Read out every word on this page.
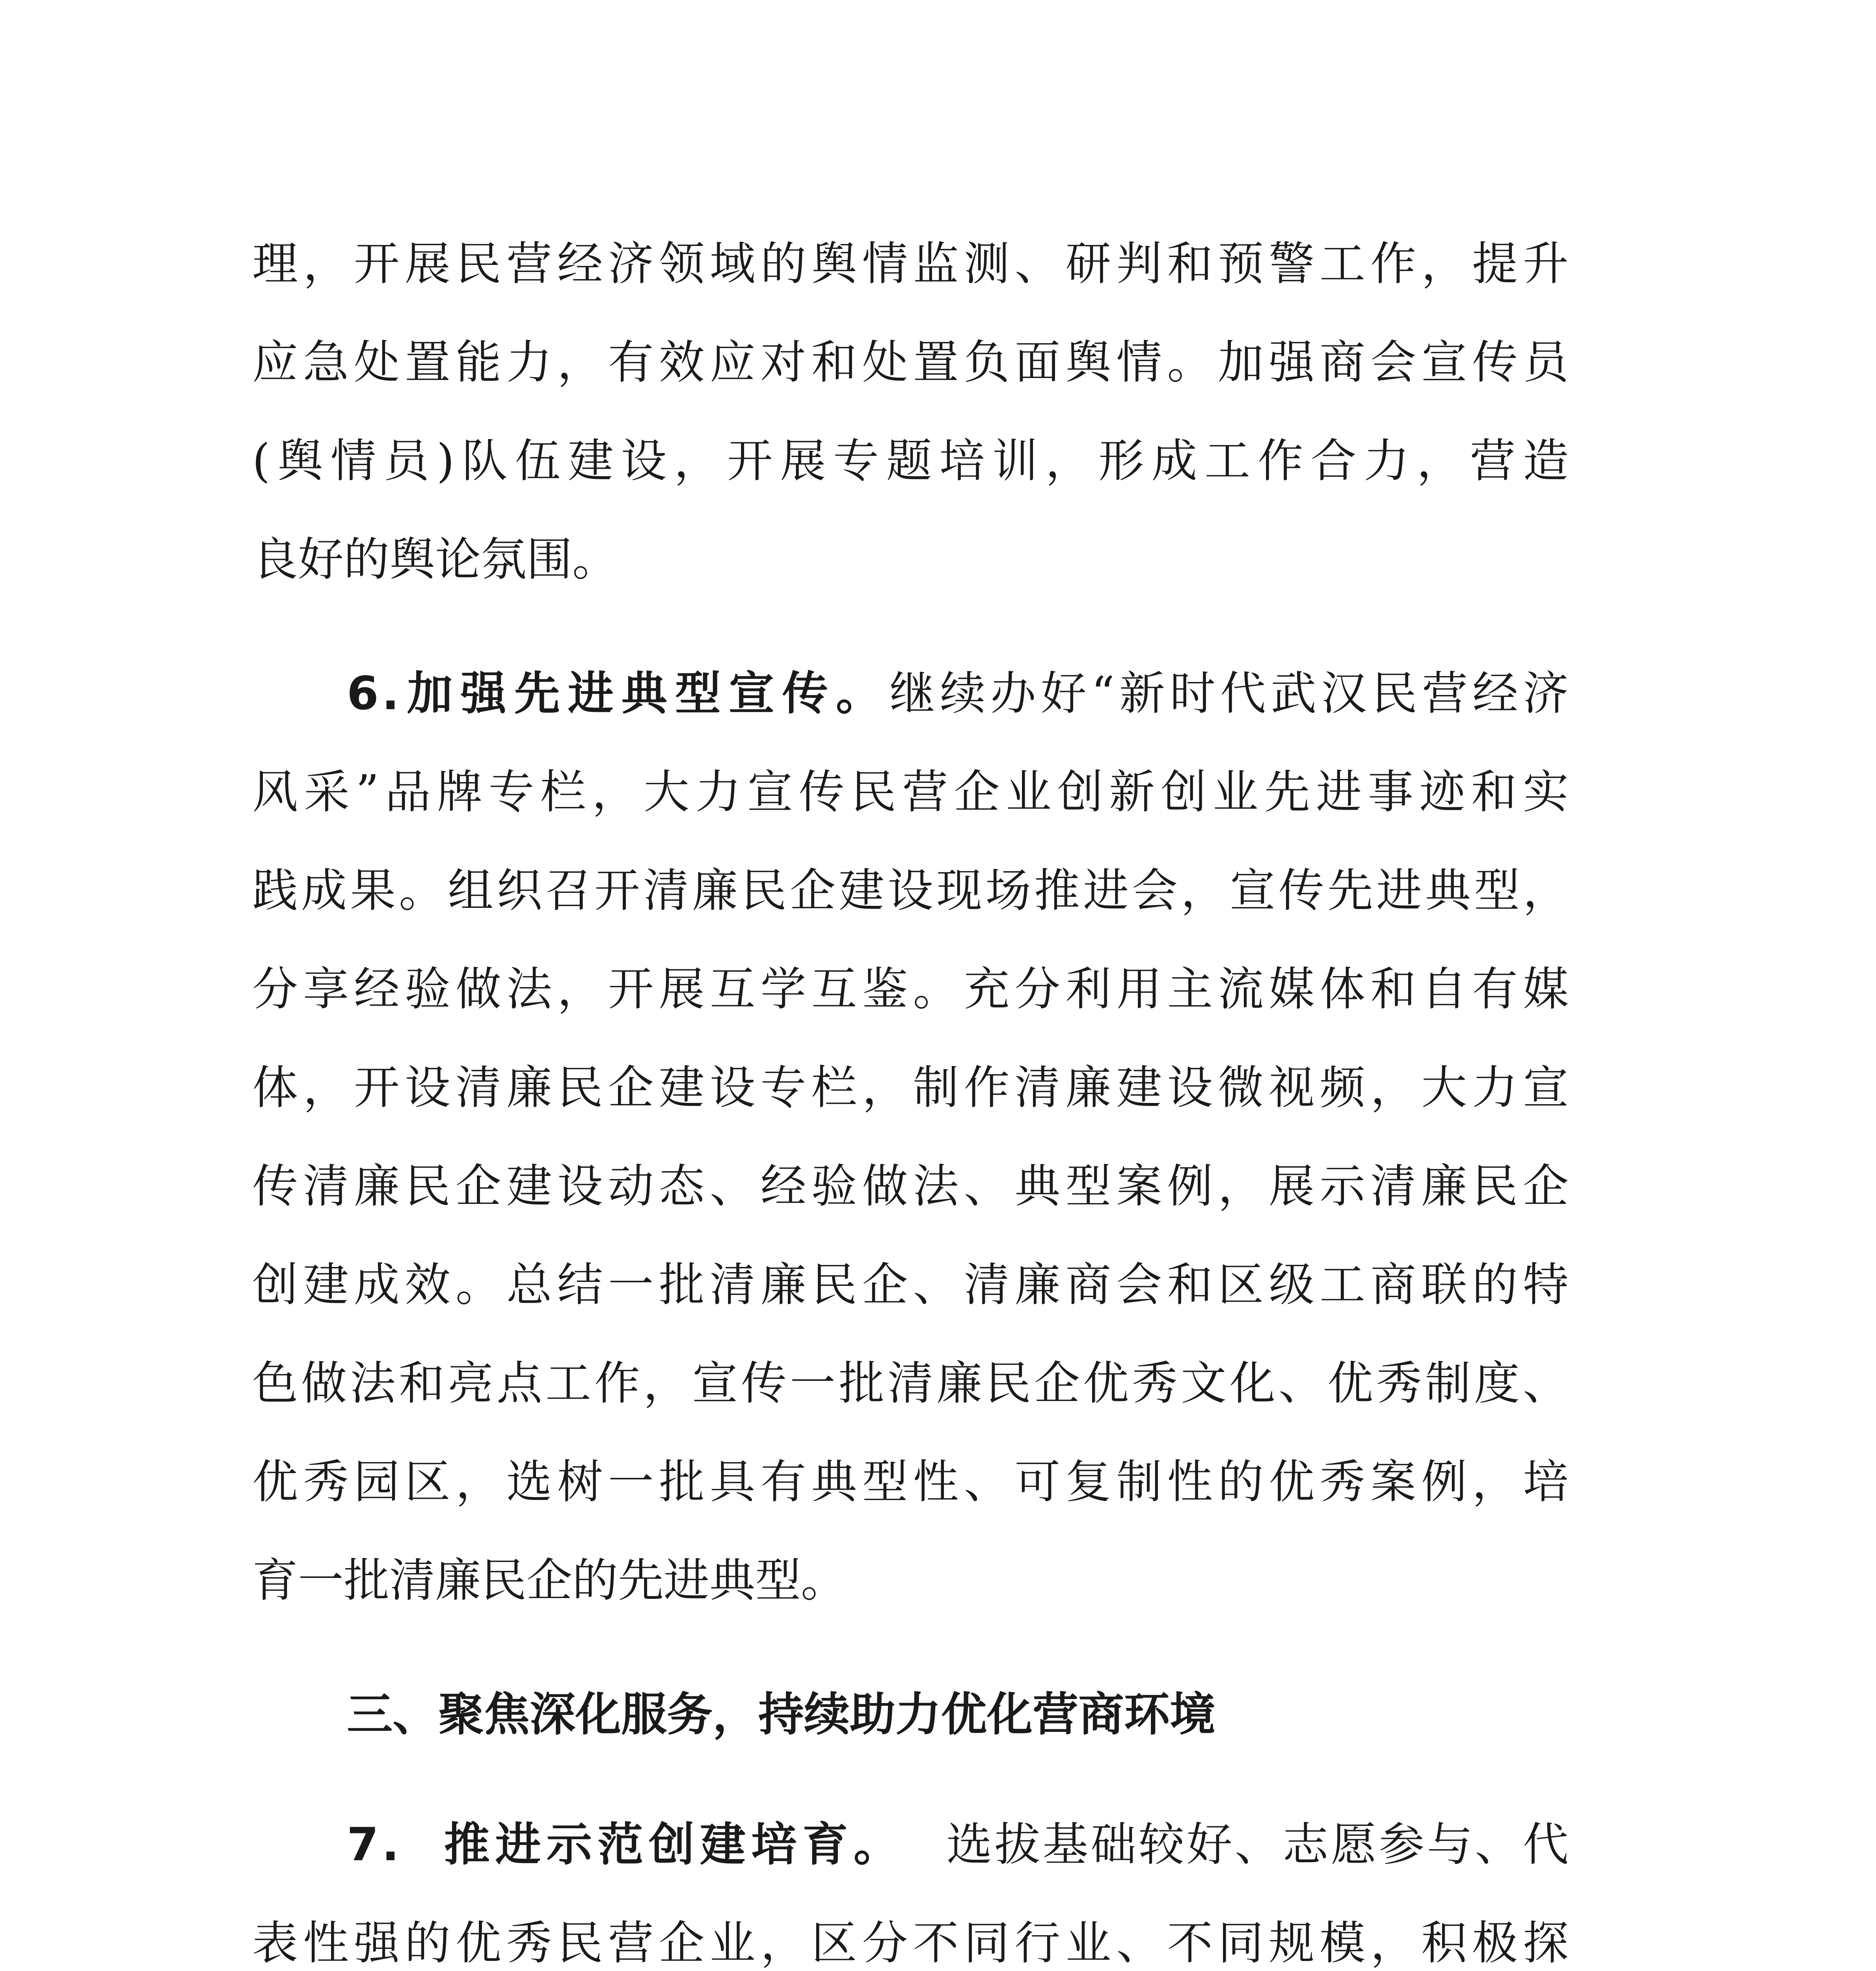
理，开展民营经济领域的舆情监测、研判和预警工作，提升
应急处置能力，有效应对和处置负面舆情。加强商会宣传员
(舆情员)队伍建设，开展专题培训，形成工作合力，营造
良好的舆论氛围。
6.加强先进典型宣传。继续办好“新时代武汉民营经济
风采”品牌专栏，大力宣传民营企业创新创业先进事迹和实
践成果。组织召开清廉民企建设现场推进会，宣传先进典型，
分享经验做法，开展互学互鉴。充分利用主流媒体和自有媒
体，开设清廉民企建设专栏，制作清廉建设微视频，大力宣
传清廉民企建设动态、经验做法、典型案例，展示清廉民企
创建成效。总结一批清廉民企、清廉商会和区级工商联的特
色做法和亮点工作，宣传一批清廉民企优秀文化、优秀制度、
优秀园区，选树一批具有典型性、可复制性的优秀案例，培
育一批清廉民企的先进典型。
三、聚焦深化服务，持续助力优化营商环境
7. 推进示范创建培育。 选拔基础较好、志愿参与、代
表性强的优秀民营企业，区分不同行业、不同规模，积极探
